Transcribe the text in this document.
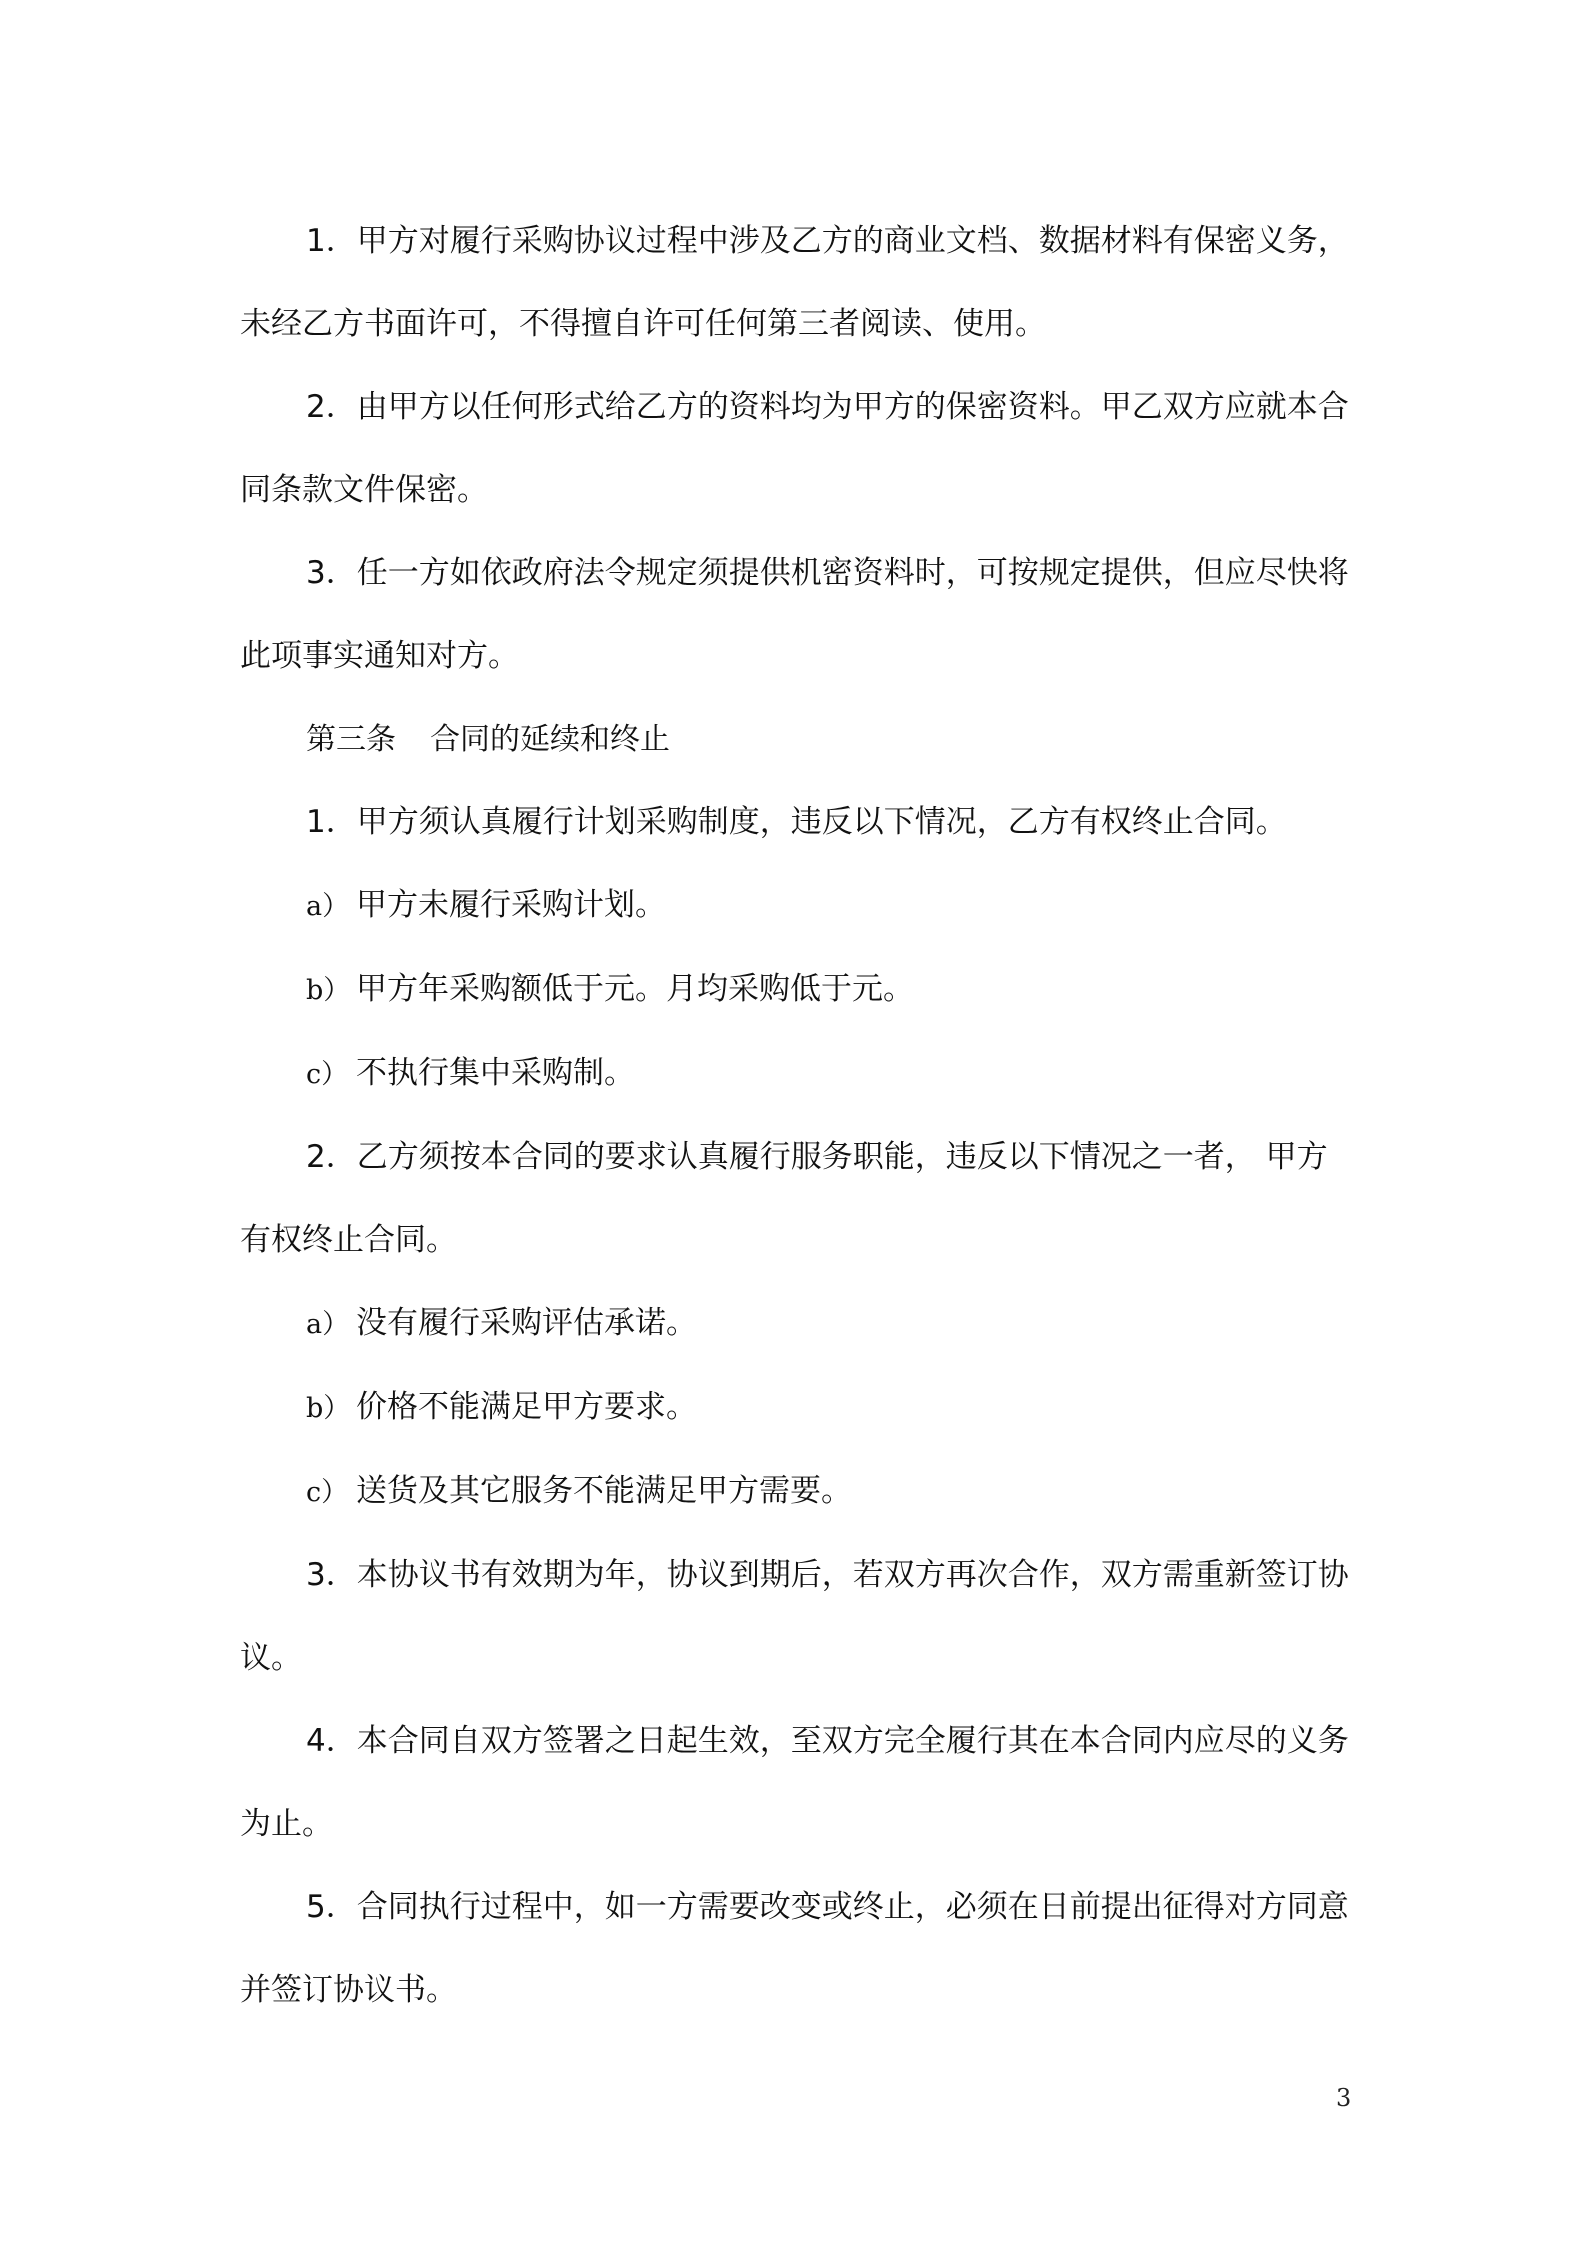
1．甲方对履行采购协议过程中涉及乙方的商业文档、数据材料有保密义务，未经乙方书面许可，不得擅自许可任何第三者阅读、使用。

2．由甲方以任何形式给乙方的资料均为甲方的保密资料。甲乙双方应就本合同条款文件保密。

3．任一方如依政府法令规定须提供机密资料时，可按规定提供，但应尽快将此项事实通知对方。

第三条 合同的延续和终止

1．甲方须认真履行计划采购制度，违反以下情况，乙方有权终止合同。

a） 甲方未履行采购计划。

b） 甲方年采购额低于元。月均采购低于元。

c） 不执行集中采购制。

2．乙方须按本合同的要求认真履行服务职能，违反以下情况之一者， 甲方有权终止合同。

a） 没有履行采购评估承诺。

b） 价格不能满足甲方要求。

c） 送货及其它服务不能满足甲方需要。

3．本协议书有效期为年，协议到期后，若双方再次合作，双方需重新签订协议。

4．本合同自双方签署之日起生效，至双方完全履行其在本合同内应尽的义务为止。

5．合同执行过程中，如一方需要改变或终止，必须在日前提出征得对方同意并签订协议书。

3
